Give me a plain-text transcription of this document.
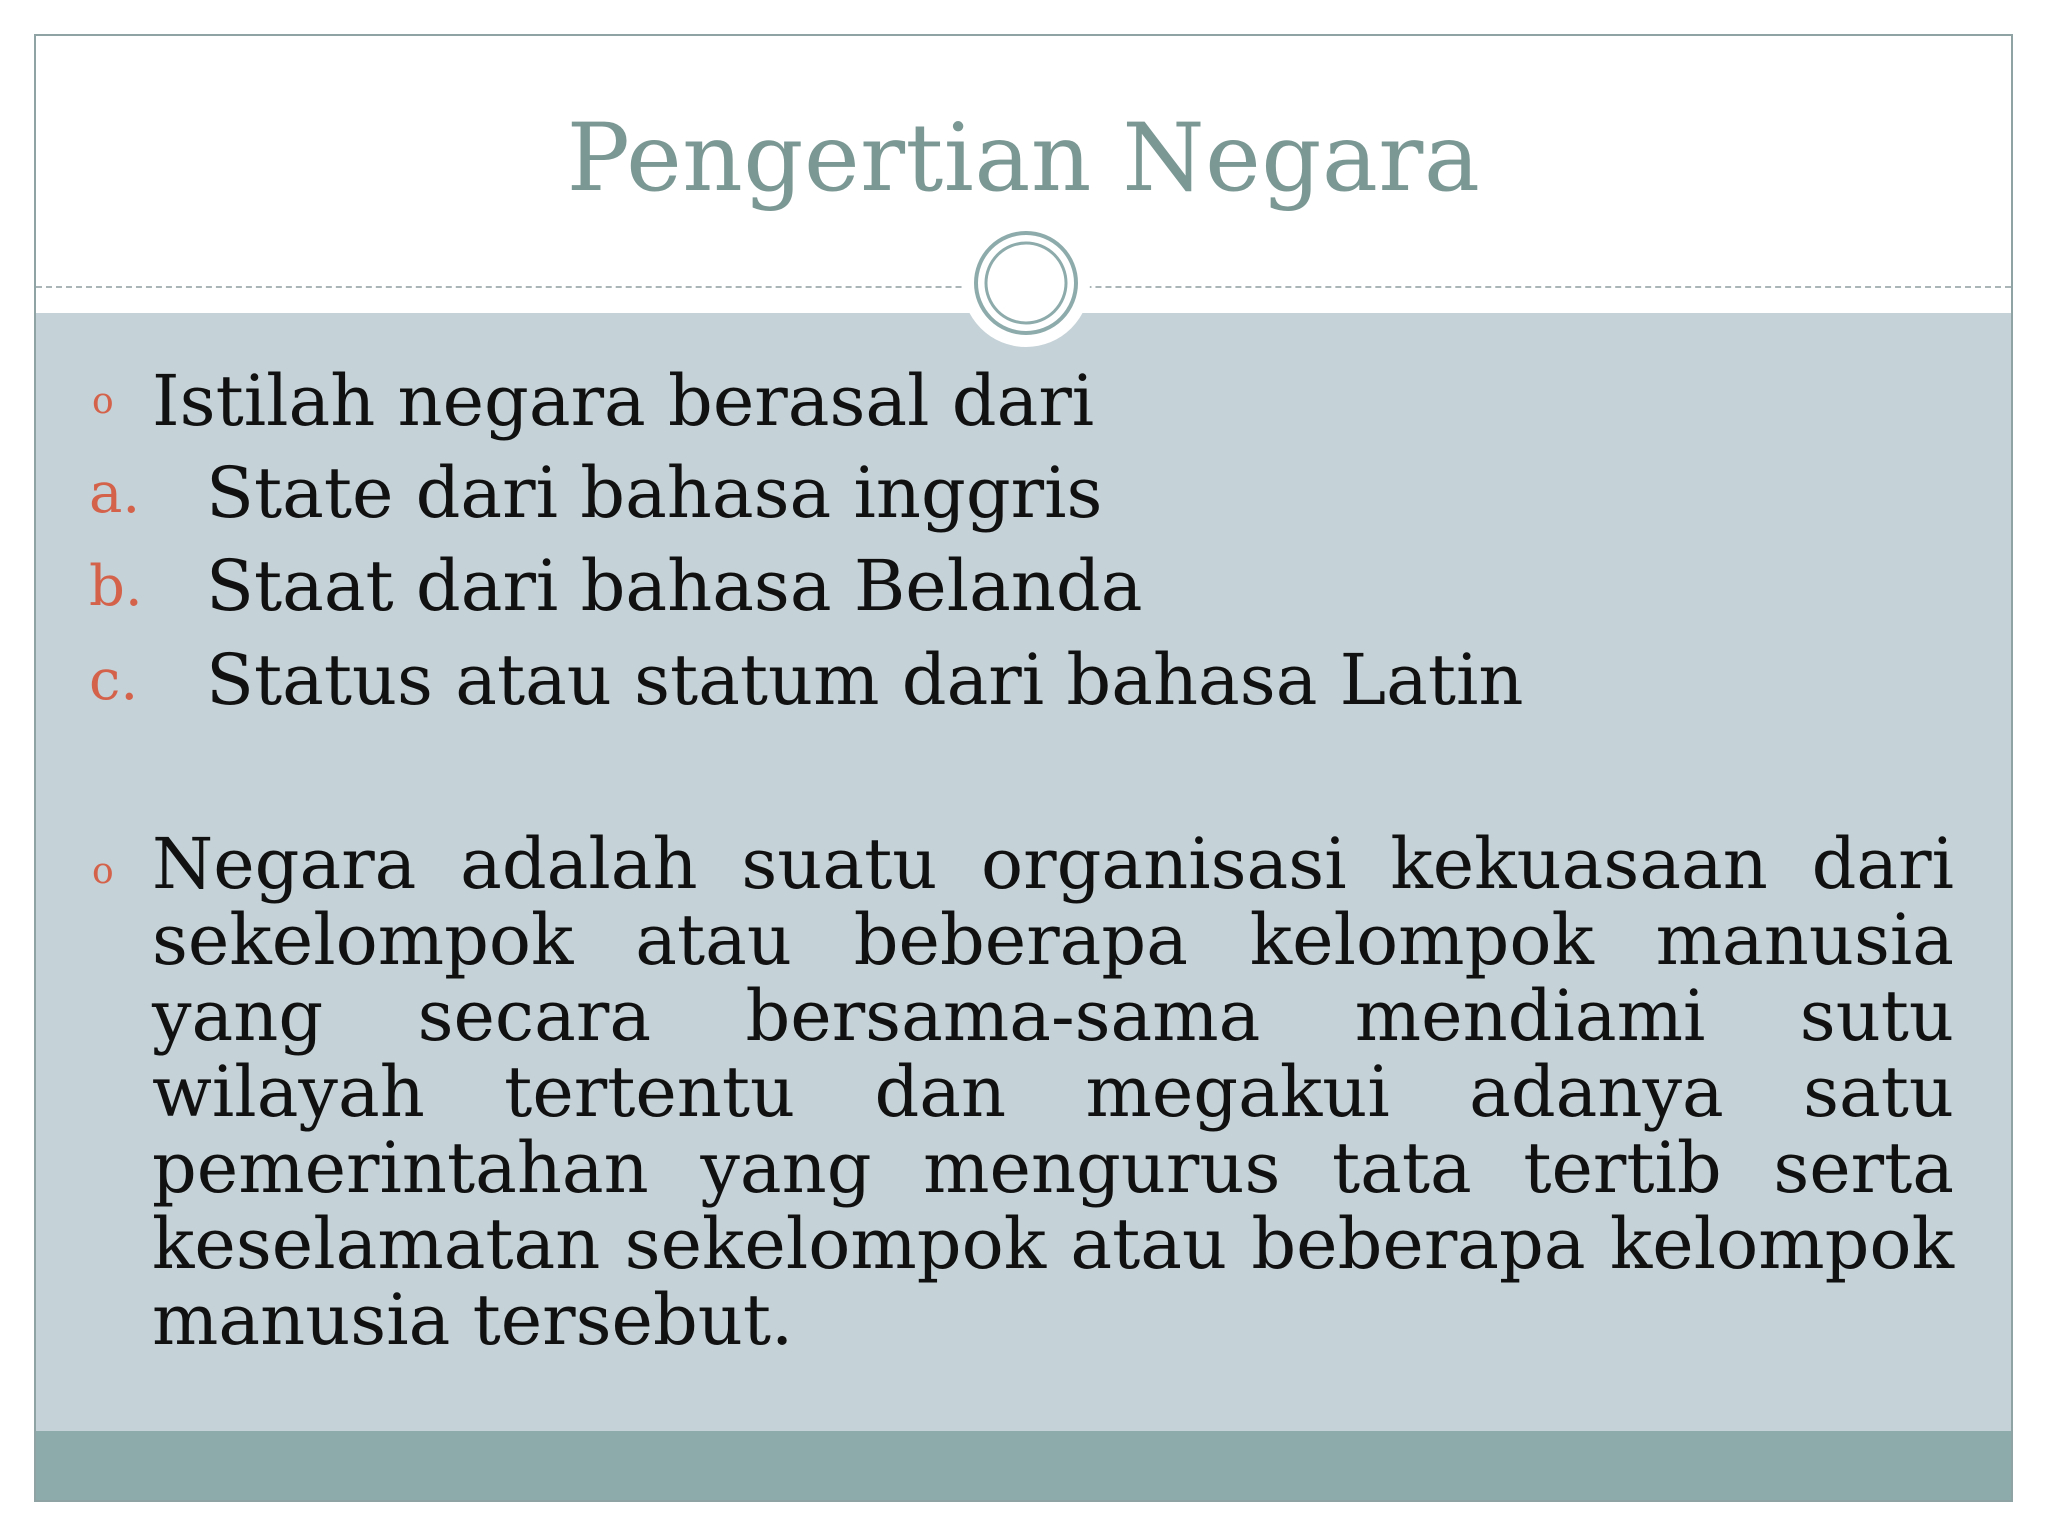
Pengertian Negara
o Istilah negara berasal dari
a. State dari bahasa inggris
b. Staat dari bahasa Belanda
c. Status atau statum dari bahasa Latin
o Negara adalah suatu organisasi kekuasaan dari sekelompok atau beberapa kelompok manusia yang secara bersama-sama mendiami sutu wilayah tertentu dan megakui adanya satu pemerintahan yang mengurus tata tertib serta keselamatan sekelompok atau beberapa kelompok manusia tersebut.
